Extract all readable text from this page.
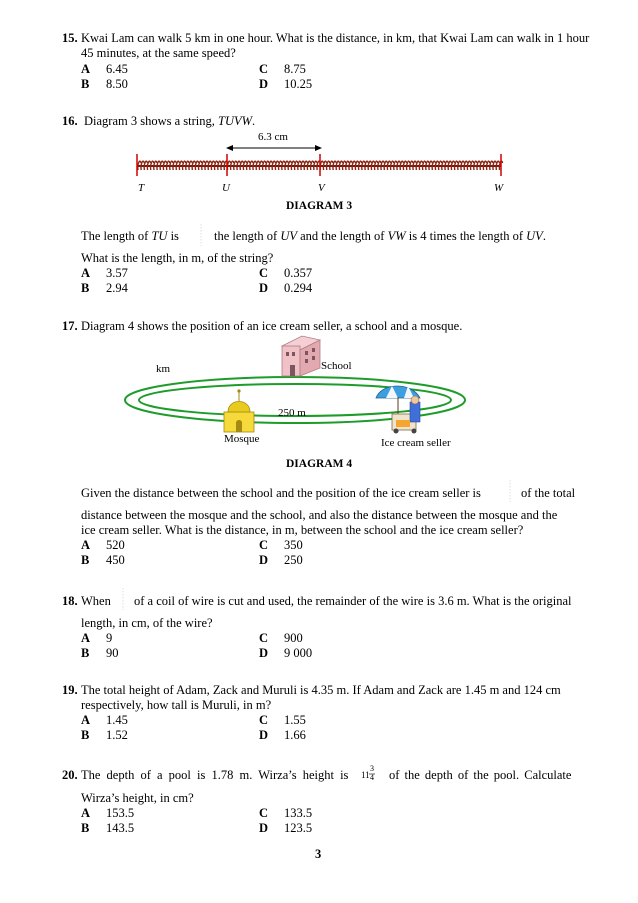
15. Kwai Lam can walk 5 km in one hour. What is the distance, in km, that Kwai Lam can walk in 1 hour
45 minutes, at the same speed?
A 6.45
B 8.50
C 8.75
D 10.25
16. Diagram 3 shows a string, TUVW.
6.3 cm
T	U	V	W
DIAGRAM 3
The length of TU is	the length of UV and the length of VW is 4 times the length of UV.
What is the length, in m, of the string?
A 3.57
B 2.94
C 0.357
D 0.294
17. Diagram 4 shows the position of an ice cream seller, a school and a mosque.
km	School
250 m
Mosque	Ice cream seller
DIAGRAM 4
Given the distance between the school and the position of the ice cream seller is	of the total
distance between the mosque and the school, and also the distance between the mosque and the
ice cream seller. What is the distance, in m, between the school and the ice cream seller?
A 520
B 450
C 350
D 250
18. When of a coil of wire is cut and used, the remainder of the wire is 3.6 m. What is the original
length, in cm, of the wire?
A 9
B 90
C 900
D 9 000
19. The total height of Adam, Zack and Muruli is 4.35 m. If Adam and Zack are 1.45 m and 124 cm
respectively, how tall is Muruli, in m?
A 1.45
B 1.52
C 1.55
D 1.66
20. The depth of a pool is 1.78 m. Wirza’s height is 11
3
4 of the depth of the pool. Calculate
Wirza’s height, in cm?
A 153.5
B 143.5
C 133.5
D 123.5
3
